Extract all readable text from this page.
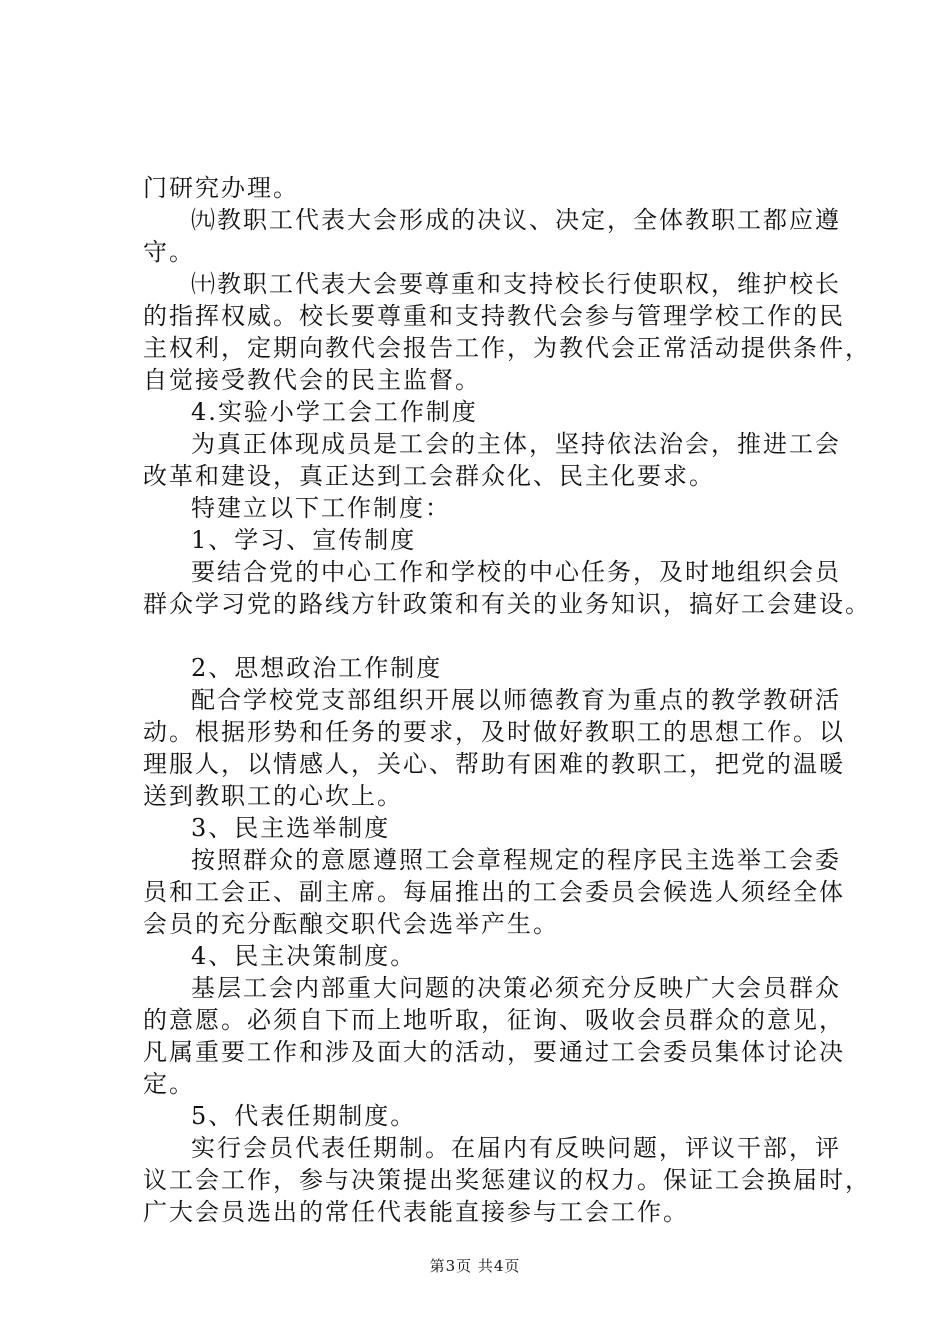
门研究办理。
㈨教职工代表大会形成的决议、决定，全体教职工都应遵
守。
㈩教职工代表大会要尊重和支持校长行使职权，维护校长
的指挥权威。校长要尊重和支持教代会参与管理学校工作的民
主权利，定期向教代会报告工作，为教代会正常活动提供条件，
自觉接受教代会的民主监督。
4.实验小学工会工作制度
为真正体现成员是工会的主体，坚持依法治会，推进工会
改革和建设，真正达到工会群众化、民主化要求。
特建立以下工作制度：
1、学习、宣传制度
要结合党的中心工作和学校的中心任务，及时地组织会员
群众学习党的路线方针政策和有关的业务知识，搞好工会建设。
2、思想政治工作制度
配合学校党支部组织开展以师德教育为重点的教学教研活
动。根据形势和任务的要求，及时做好教职工的思想工作。以
理服人，以情感人，关心、帮助有困难的教职工，把党的温暖
送到教职工的心坎上。
3、民主选举制度
按照群众的意愿遵照工会章程规定的程序民主选举工会委
员和工会正、副主席。每届推出的工会委员会候选人须经全体
会员的充分酝酿交职代会选举产生。
4、民主决策制度。
基层工会内部重大问题的决策必须充分反映广大会员群众
的意愿。必须自下而上地听取，征询、吸收会员群众的意见，
凡属重要工作和涉及面大的活动，要通过工会委员集体讨论决
定。
5、代表任期制度。
实行会员代表任期制。在届内有反映问题，评议干部，评
议工会工作，参与决策提出奖惩建议的权力。保证工会换届时，
广大会员选出的常任代表能直接参与工会工作。
第3页 共4页
